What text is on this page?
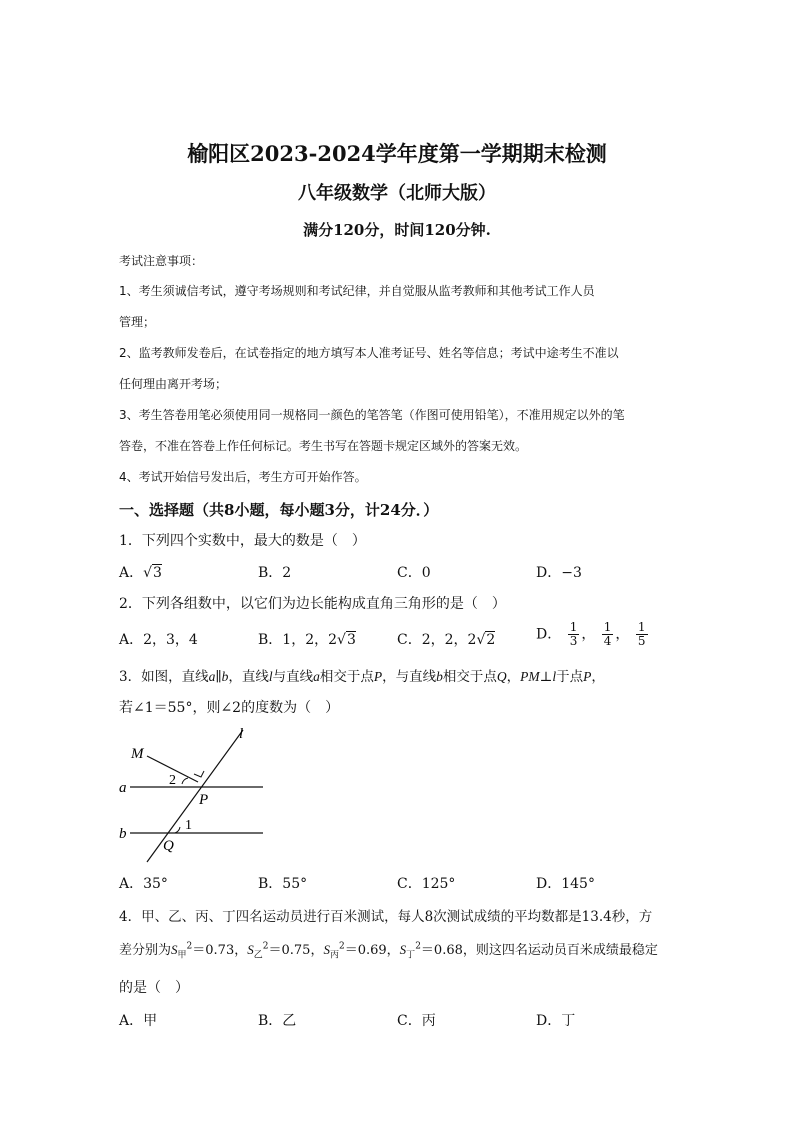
榆阳区2023-2024学年度第一学期期末检测
八年级数学（北师大版）
满分120分，时间120分钟.
考试注意事项：
1、考生须诚信考试，遵守考场规则和考试纪律，并自觉服从监考教师和其他考试工作人员
管理；
2、监考教师发卷后，在试卷指定的地方填写本人准考证号、姓名等信息；考试中途考生不准以
任何理由离开考场；
3、考生答卷用笔必须使用同一规格同一颜色的笔答笔（作图可使用铅笔），不准用规定以外的笔
答卷，不准在答卷上作任何标记。考生书写在答题卡规定区域外的答案无效。
4、考试开始信号发出后，考生方可开始作答。
一、选择题（共8小题，每小题3分，计24分．）
1．下列四个实数中，最大的数是（　）
A．√3	B．2	C．0	D．−3
2．下列各组数中，以它们为边长能构成直角三角形的是（　）
A．2，3，4	B．1，2，2√3	C．2，2，2√2	D． $\frac{1}{3}$ ， $\frac{1}{4}$ ， $\frac{1}{5}$
3．如图，直线a∥b，直线l与直线a相交于点P，与直线b相交于点Q，PM⊥l于点P，
若∠1＝55°，则∠2的度数为（　）
M
l
a
b
P
Q
1
2
A．35°	B．55°	C．125°	D．145°
4．甲、乙、丙、丁四名运动员进行百米测试，每人8次测试成绩的平均数都是13.4秒，方
差分别为$S_甲^2=0.73$，$S_乙^2=0.75$，$S_丙^2=0.69$，$S_丁^2=0.68$，则这四名运动员百米成绩最稳定
的是（　）
A．甲	B．乙	C．丙	D．丁
